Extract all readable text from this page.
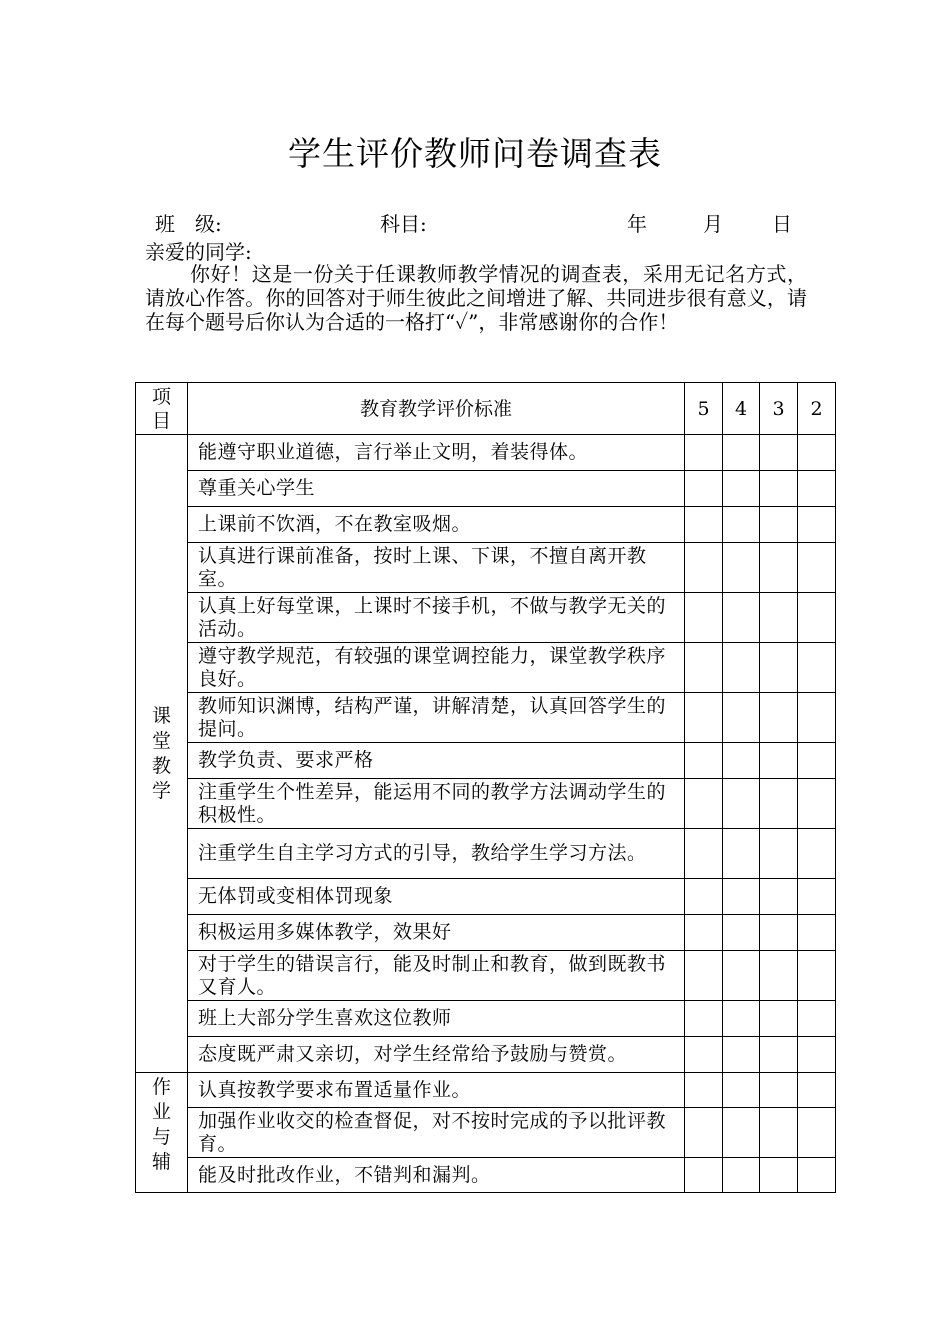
学生评价教师问卷调查表
班　级:	科目:	年	月 日
亲爱的同学:
你好！这是一份关于任课教师教学情况的调查表，采用无记名方式，请放心作答。你的回答对于师生彼此之间增进了解、共同进步很有意义，请在每个题号后你认为合适的一格打“✓”，非常感谢你的合作！
项目	教育教学评价标准	5	4	3	2
课堂教学	能遵守职业道德，言行举止文明，着装得体。				
	尊重关心学生				
	上课前不饮酒，不在教室吸烟。				
	认真进行课前准备，按时上课、下课，不擅自离开教室。				
	认真上好每堂课，上课时不接手机，不做与教学无关的活动。				
	遵守教学规范，有较强的课堂调控能力，课堂教学秩序良好。				
	教师知识渊博，结构严谨，讲解清楚，认真回答学生的提问。				
	教学负责、要求严格				
	注重学生个性差异，能运用不同的教学方法调动学生的积极性。				
	注重学生自主学习方式的引导，教给学生学习方法。				
	无体罚或变相体罚现象				
	积极运用多媒体教学，效果好				
	对于学生的错误言行，能及时制止和教育，做到既教书又育人。				
	班上大部分学生喜欢这位教师				
	态度既严肃又亲切，对学生经常给予鼓励与赞赏。				
作业与辅	认真按教学要求布置适量作业。				
	加强作业收交的检查督促，对不按时完成的予以批评教育。				
	能及时批改作业，不错判和漏判。				
